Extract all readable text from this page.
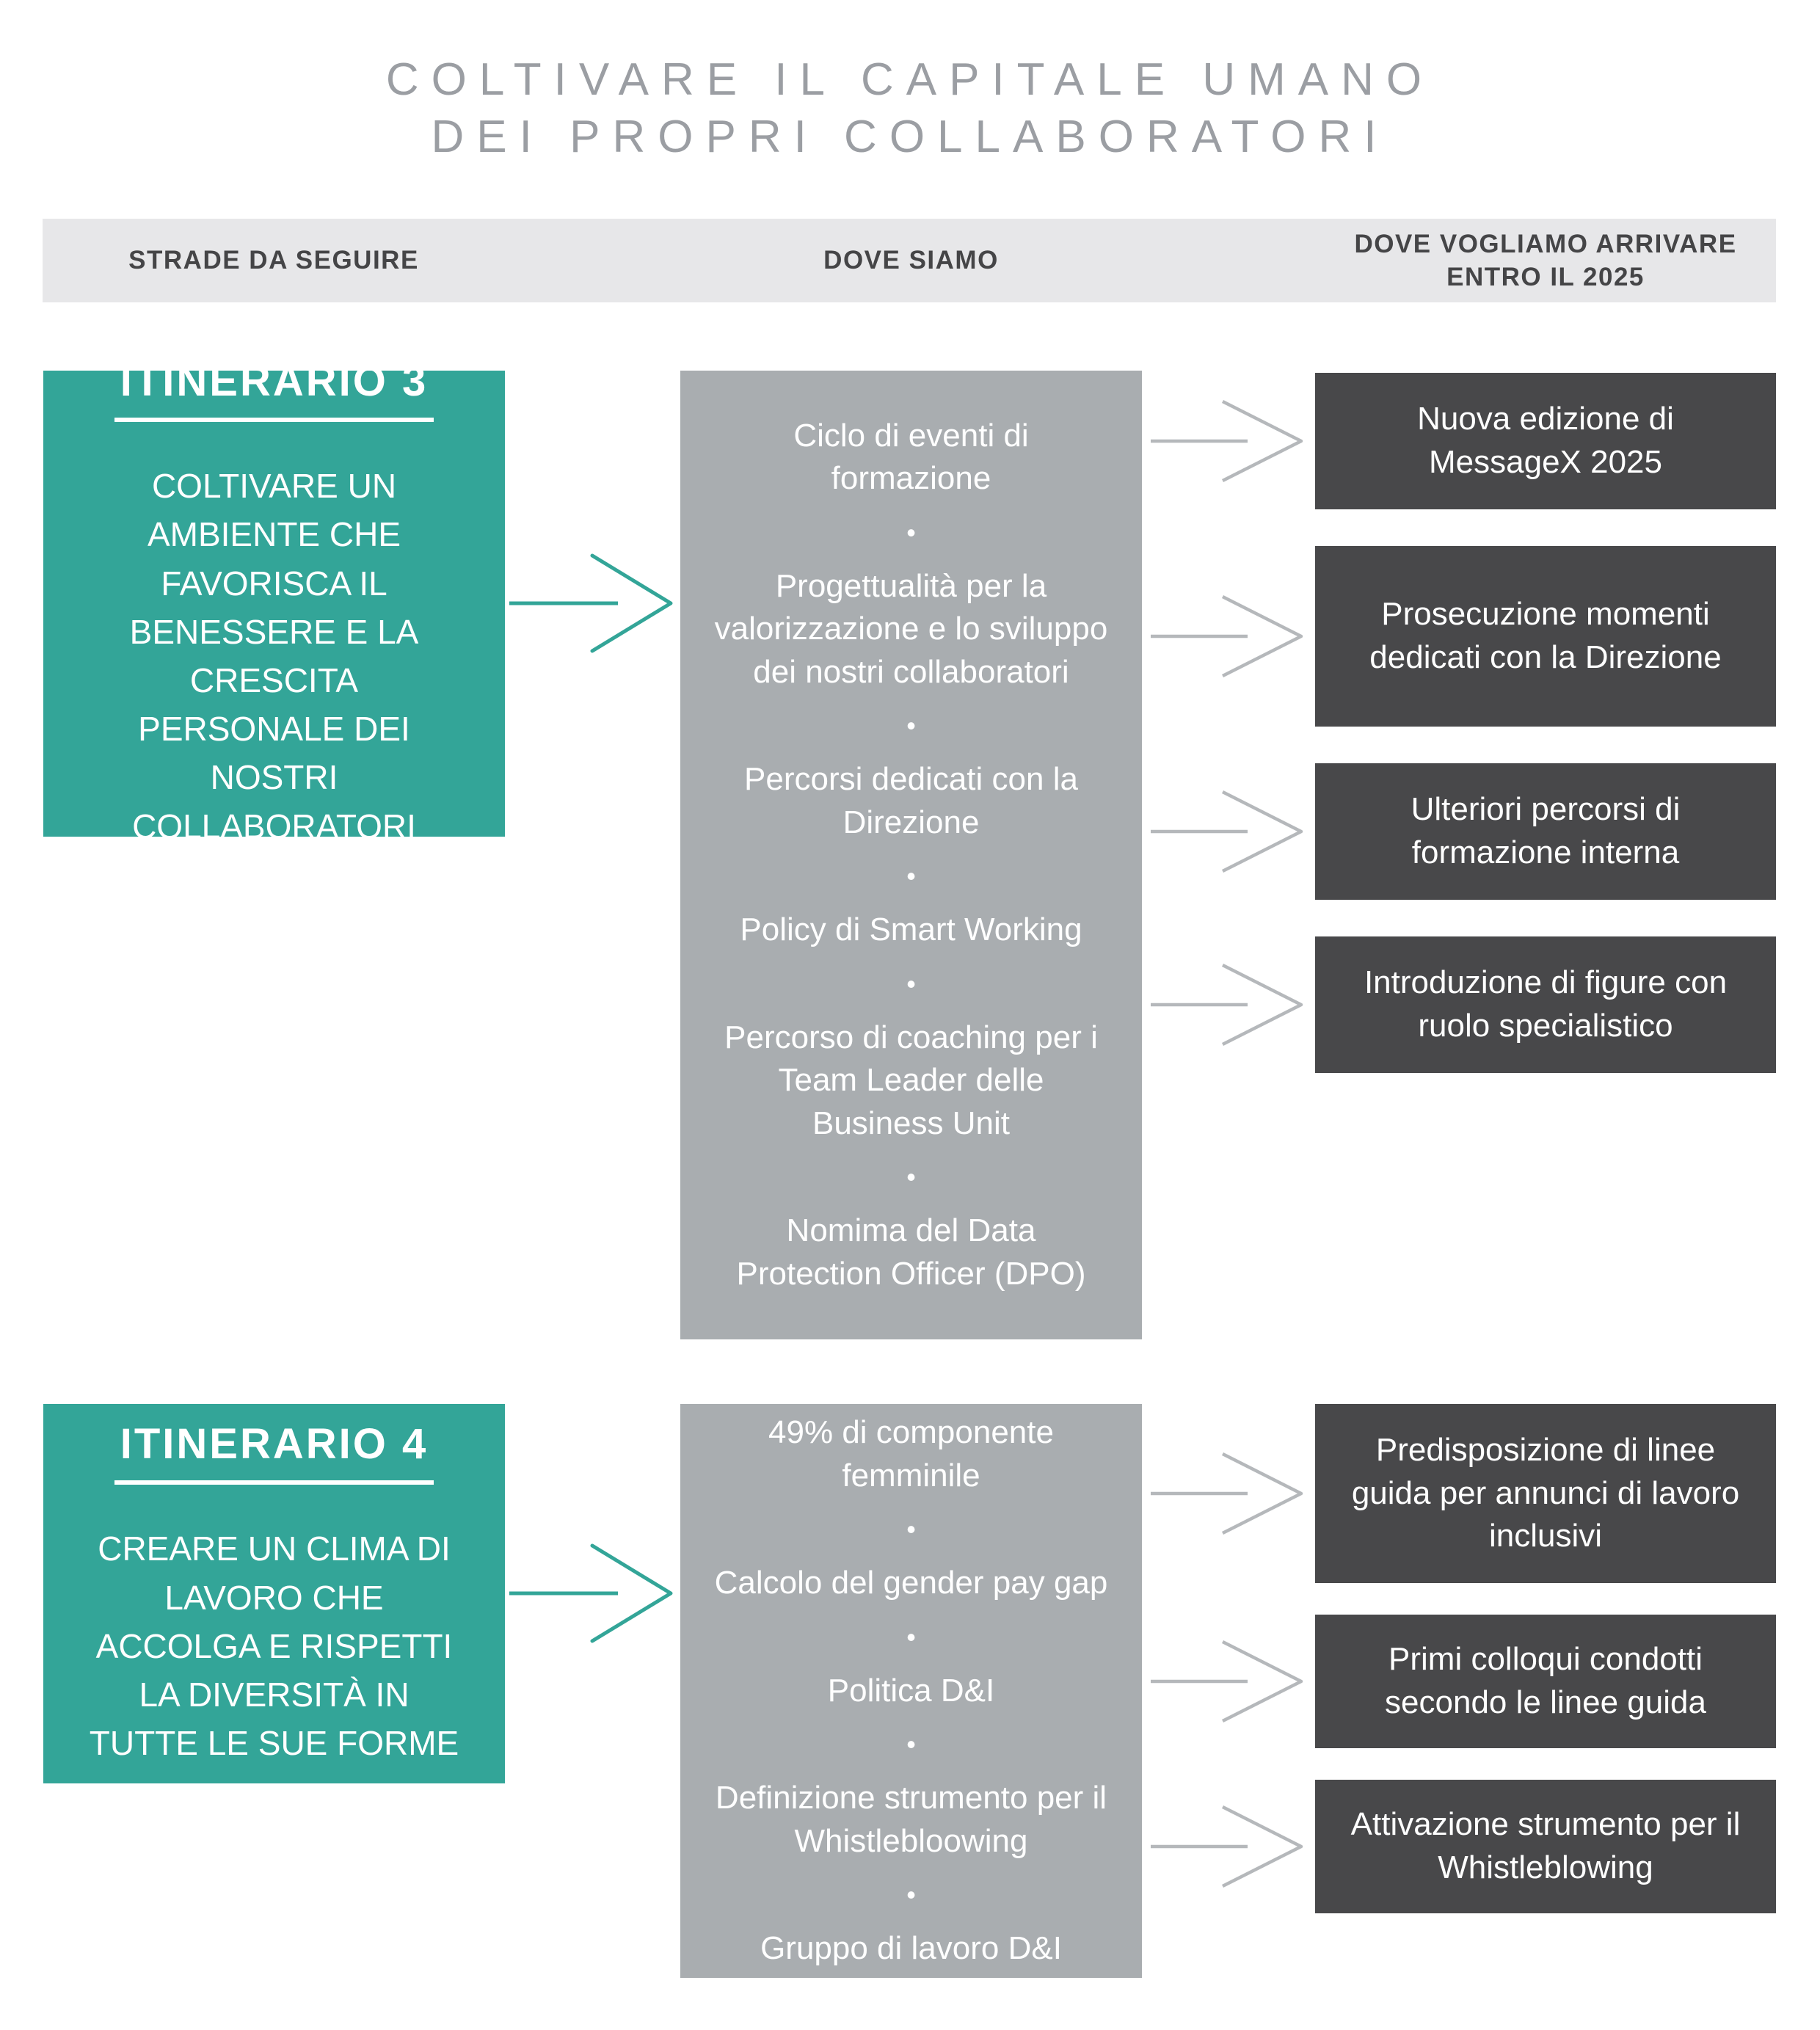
COLTIVARE IL CAPITALE UMANO
DEI PROPRI COLLABORATORI
STRADE DA SEGUIRE	DOVE SIAMO
DOVE VOGLIAMO ARRIVARE
ENTRO IL 2025
ITINERARIO 3
COLTIVARE UN AMBIENTE CHE FAVORISCA IL BENESSERE E LA CRESCITA PERSONALE DEI NOSTRI COLLABORATORI
Ciclo di eventi di formazione
•
Progettualità per la valorizzazione e lo sviluppo dei nostri collaboratori
•
Percorsi dedicati con la Direzione
•
Policy di Smart Working
•
Percorso di coaching per i Team Leader delle Business Unit
•
Nomima del Data Protection Officer (DPO)
Nuova edizione di MessageX 2025
Prosecuzione momenti dedicati con la Direzione
Ulteriori percorsi di formazione interna
Introduzione di figure con ruolo specialistico
ITINERARIO 4
CREARE UN CLIMA DI LAVORO CHE ACCOLGA E RISPETTI LA DIVERSITÀ IN TUTTE LE SUE FORME
49% di componente femminile
•
Calcolo del gender pay gap
•
Politica D&I
•
Definizione strumento per il Whistlebloowing
•
Gruppo di lavoro D&I
Predisposizione di linee guida per annunci di lavoro inclusivi
Primi colloqui condotti secondo le linee guida
Attivazione strumento per il Whistleblowing
